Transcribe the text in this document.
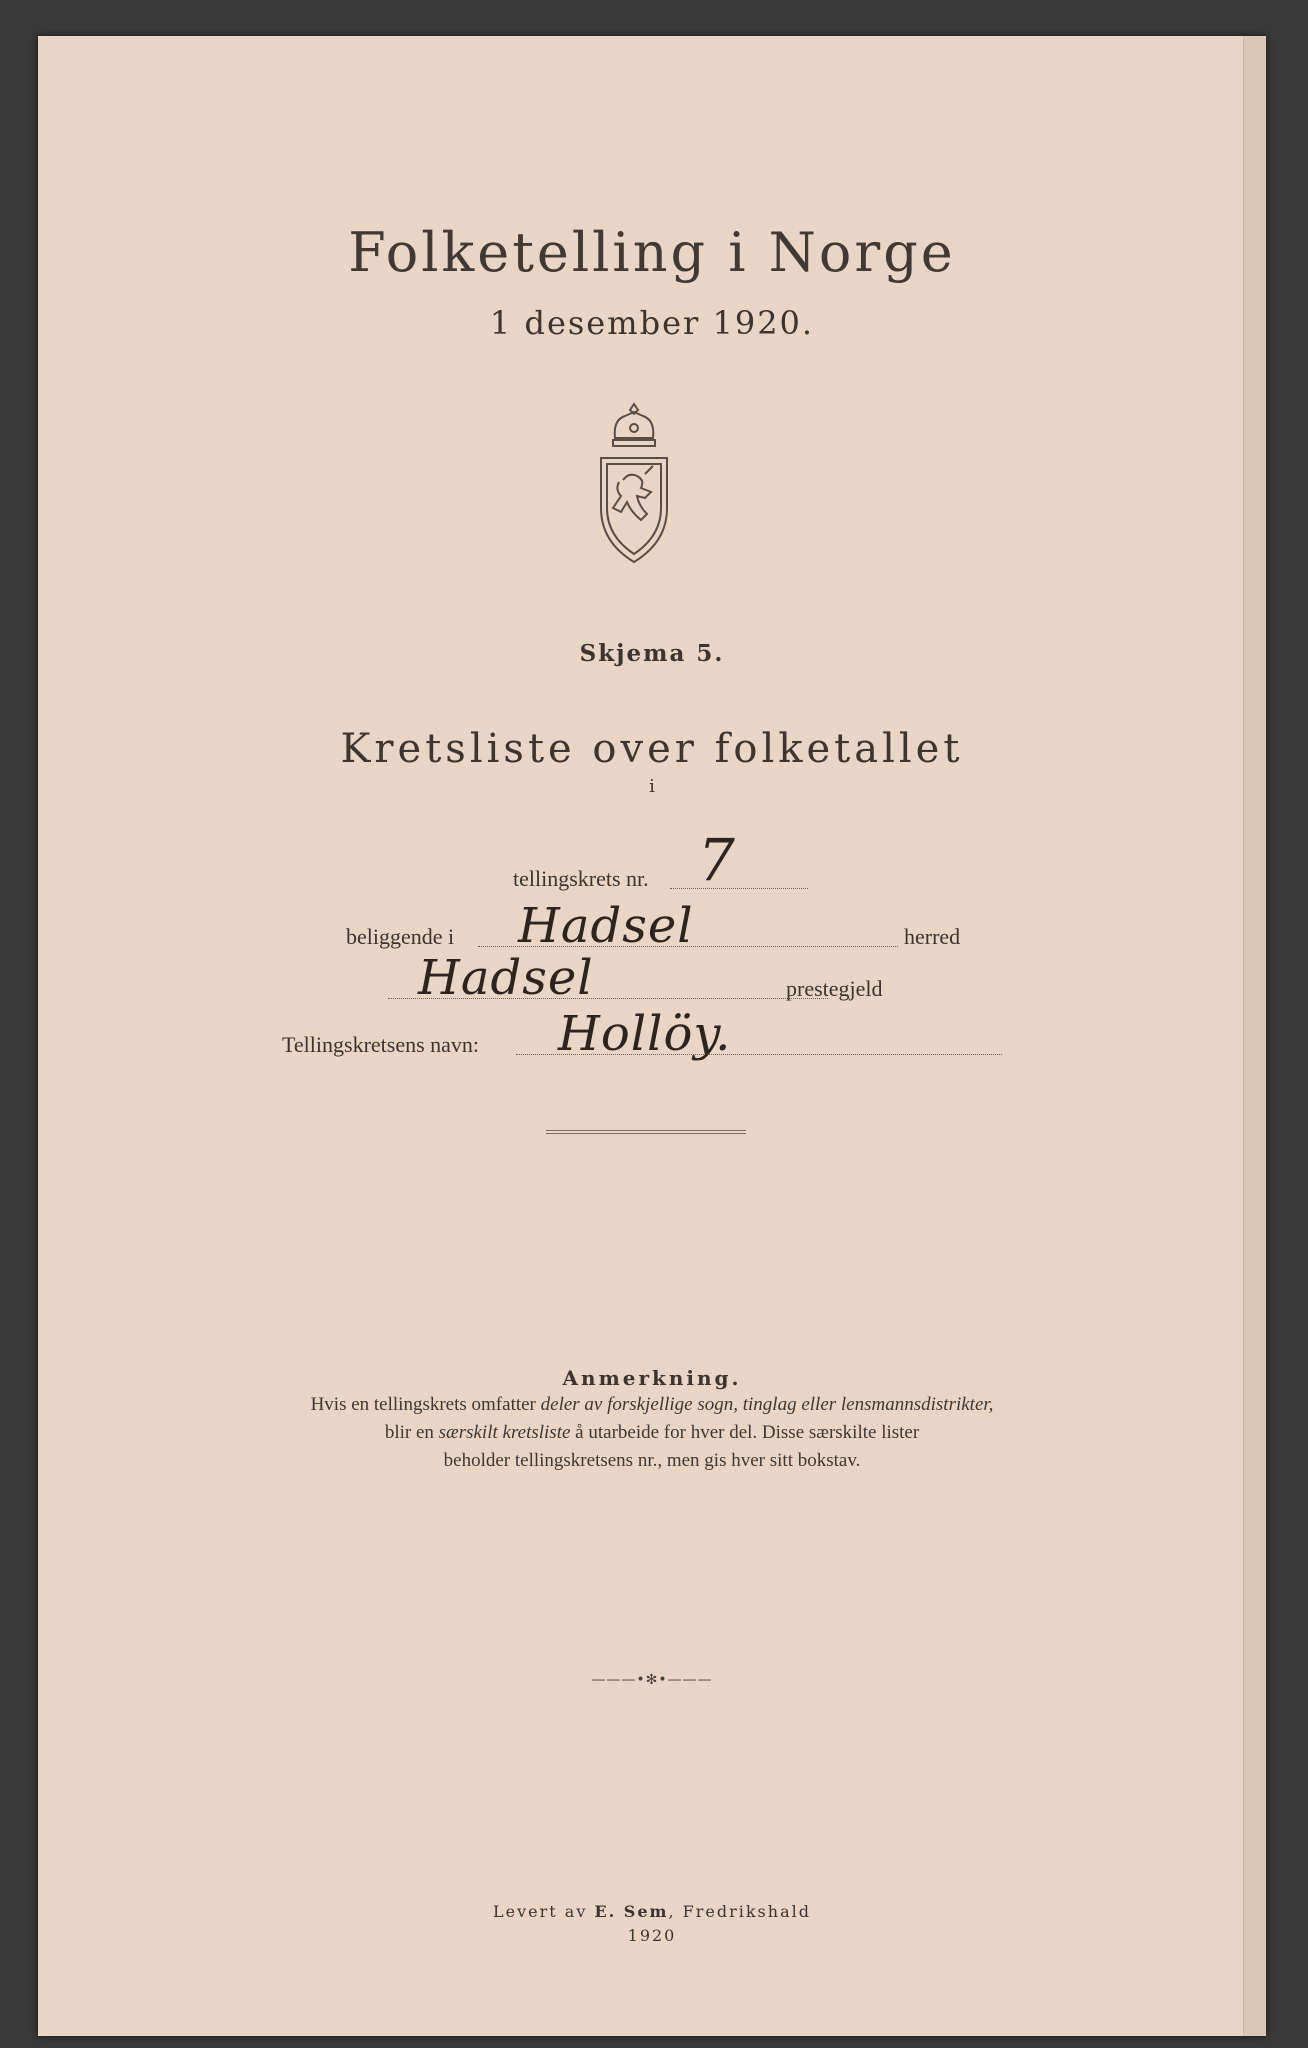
Folketelling i Norge
1 desember 1920.
Skjema 5.
Kretsliste over folketallet
i
tellingskrets nr. 7
beliggende i Hadsel	herred
Hadsel	prestegjeld
Tellingskretsens navn: Hollöy.
Anmerkning.
Hvis en tellingskrets omfatter deler av forskjellige sogn, tinglag eller lensmannsdistrikter,
blir en særskilt kretsliste å utarbeide for hver del. Disse særskilte lister
beholder tellingskretsens nr., men gis hver sitt bokstav.
———•✻•———
Levert av E. Sem, Fredrikshald
1920
